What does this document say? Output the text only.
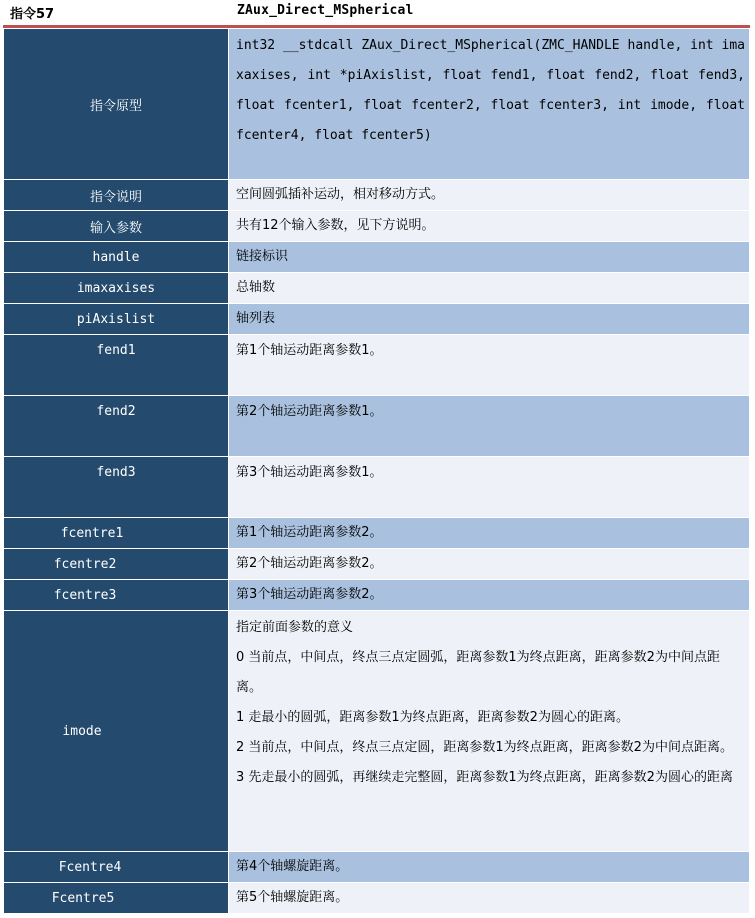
指令57	ZAux_Direct_MSpherical
指令原型	int32 __stdcall ZAux_Direct_MSpherical(ZMC_HANDLE handle, int imaxaxises, int *piAxislist, float fend1, float fend2, float fend3, float fcenter1, float fcenter2, float fcenter3, int imode, float fcenter4, float fcenter5)

指令说明	空间圆弧插补运动，相对移动方式。
输入参数	共有12个输入参数，见下方说明。
handle	链接标识
imaxaxises	总轴数
piAxislist	轴列表
fend1	第1个轴运动距离参数1。
fend2	第2个轴运动距离参数1。
fend3	第3个轴运动距离参数1。
fcentre1	第1个轴运动距离参数2。
fcentre2	第2个轴运动距离参数2。
fcentre3	第3个轴运动距离参数2。
imode	指定前面参数的意义
0 当前点，中间点，终点三点定圆弧，距离参数1为终点距离，距离参数2为中间点距离。
1 走最小的圆弧，距离参数1为终点距离，距离参数2为圆心的距离。
2 当前点，中间点，终点三点定圆，距离参数1为终点距离，距离参数2为中间点距离。
3 先走最小的圆弧，再继续走完整圆，距离参数1为终点距离，距离参数2为圆心的距离

Fcentre4	第4个轴螺旋距离。
Fcentre5	第5个轴螺旋距离。
